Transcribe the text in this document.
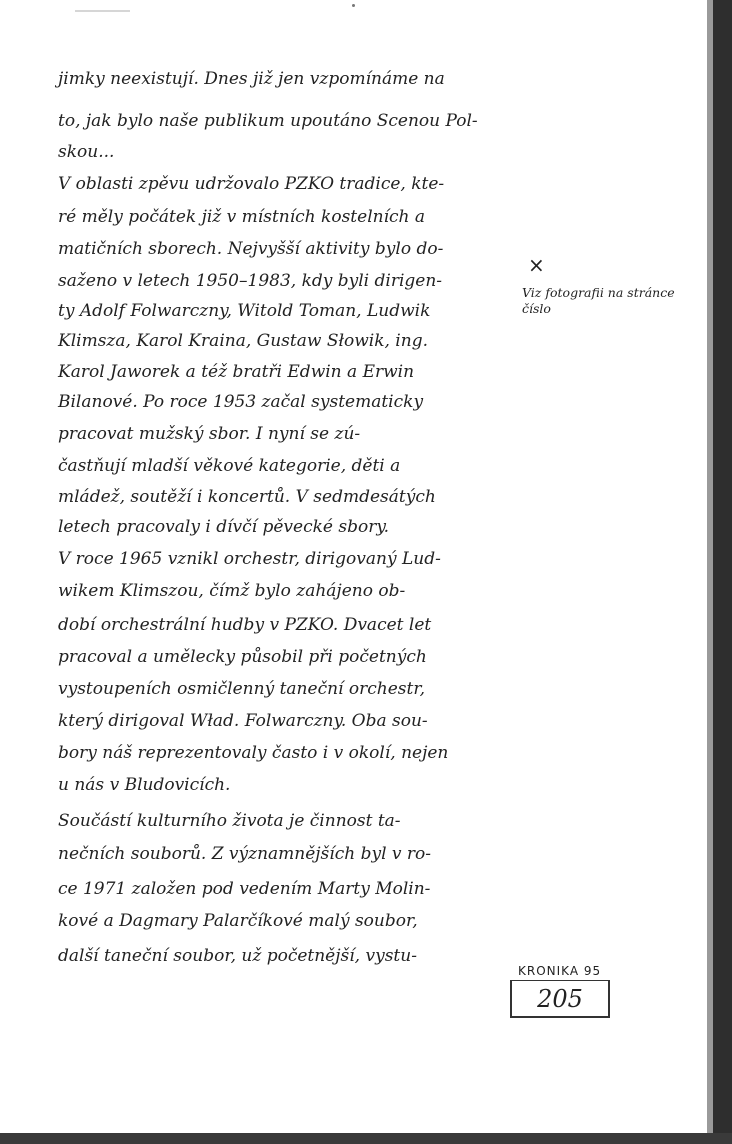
jimky neexistují. Dnes již jen vzpomínáme na
to, jak bylo naše publikum upoutáno Scenou Pol-
skou...
V oblasti zpěvu udržovalo PZKO tradice, kte-
ré měly počátek již v místních kostelních a
matičních sborech. Nejvyšší aktivity bylo do-
saženo v letech 1950–1983, kdy byli dirigen-
ty Adolf Folwarczny, Witold Toman, Ludwik
Klimsza, Karol Kraina, Gustaw Słowik, ing.
Karol Jaworek a též bratři Edwin a Erwin
Bilanové. Po roce 1953 začal systematicky
pracovat mužský sbor. I nyní se zú-
častňují mladší věkové kategorie, děti a
mládež, soutěží i koncertů. V sedmdesátých
letech pracovaly i dívčí pěvecké sbory.
V roce 1965 vznikl orchestr, dirigovaný Lud-
wikem Klimszou, čímž bylo zahájeno ob-
dobí orchestrální hudby v PZKO. Dvacet let
pracoval a umělecky působil při početných
vystoupeních osmičlenný taneční orchestr,
který dirigoval Wład. Folwarczny. Oba sou-
bory náš reprezentovaly často i v okolí, nejen
u nás v Bludovicích.
Součástí kulturního života je činnost ta-
nečních souborů. Z významnějších byl v ro-
ce 1971 založen pod vedením Marty Molin-
kové a Dagmary Palarčíkové malý soubor,
další taneční soubor, už početnější, vystu-
×
Viz fotografii na stránce
číslo
KRONIKA 95
205
